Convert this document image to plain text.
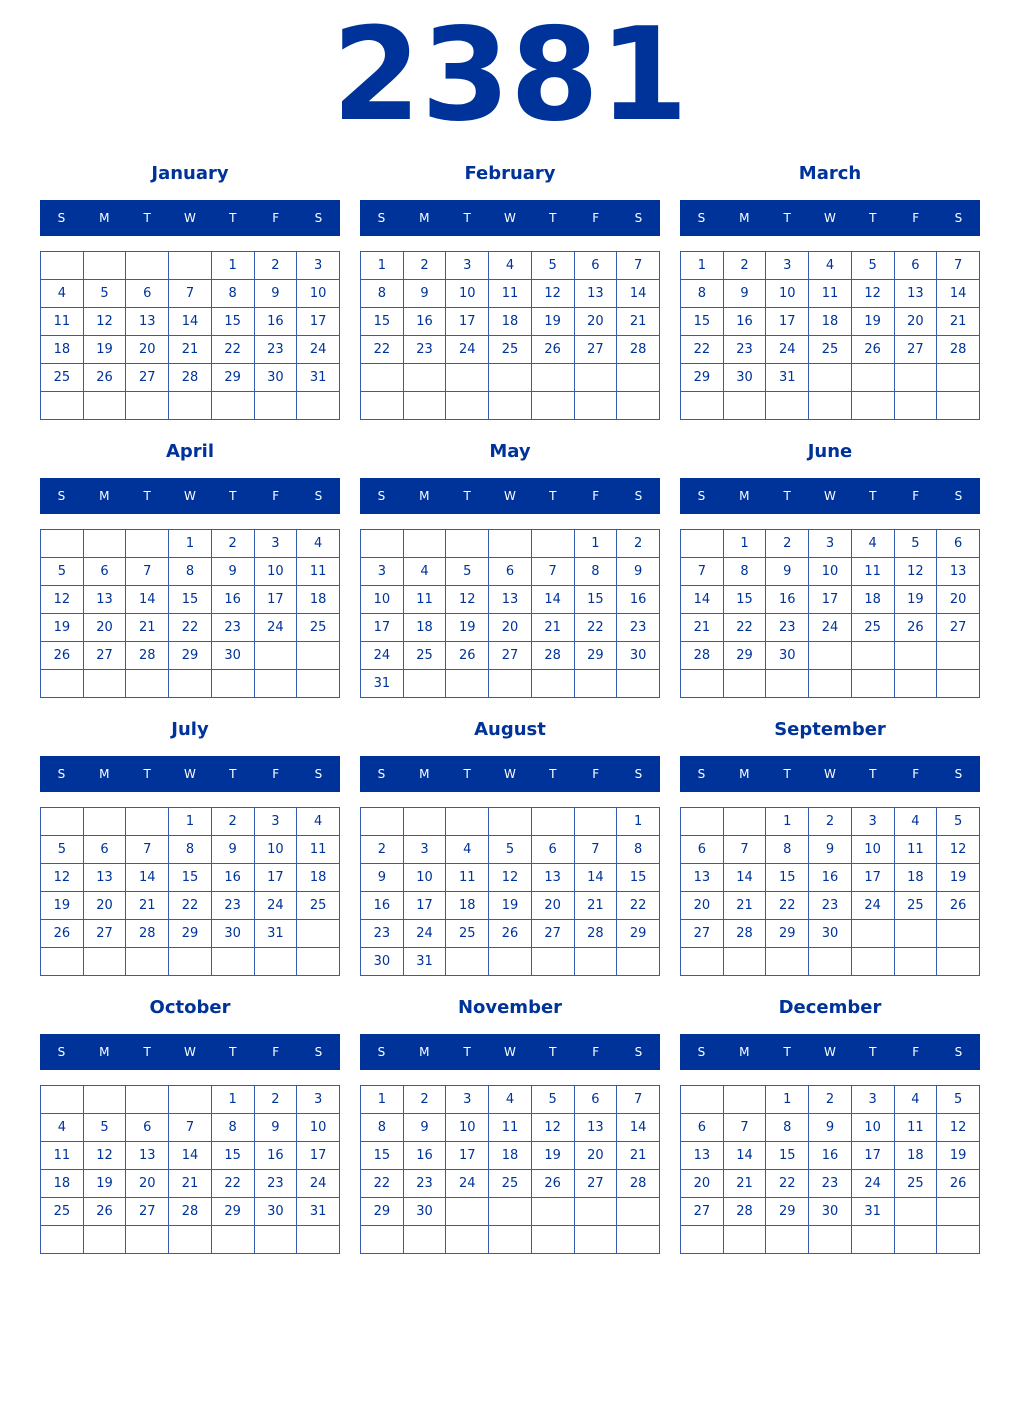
2381
January
S	M	T	W	T	F	S
				1	2	3
4	5	6	7	8	9	10
11	12	13	14	15	16	17
18	19	20	21	22	23	24
25	26	27	28	29	30	31

February
S	M	T	W	T	F	S
1	2	3	4	5	6	7
8	9	10	11	12	13	14
15	16	17	18	19	20	21
22	23	24	25	26	27	28

March
S	M	T	W	T	F	S
1	2	3	4	5	6	7
8	9	10	11	12	13	14
15	16	17	18	19	20	21
22	23	24	25	26	27	28
29	30	31				

April
S	M	T	W	T	F	S
			1	2	3	4
5	6	7	8	9	10	11
12	13	14	15	16	17	18
19	20	21	22	23	24	25
26	27	28	29	30		

May
S	M	T	W	T	F	S
					1	2
3	4	5	6	7	8	9
10	11	12	13	14	15	16
17	18	19	20	21	22	23
24	25	26	27	28	29	30
31						
June
S	M	T	W	T	F	S
	1	2	3	4	5	6
7	8	9	10	11	12	13
14	15	16	17	18	19	20
21	22	23	24	25	26	27
28	29	30				

July
S	M	T	W	T	F	S
			1	2	3	4
5	6	7	8	9	10	11
12	13	14	15	16	17	18
19	20	21	22	23	24	25
26	27	28	29	30	31	

August
S	M	T	W	T	F	S
						1
2	3	4	5	6	7	8
9	10	11	12	13	14	15
16	17	18	19	20	21	22
23	24	25	26	27	28	29
30	31					
September
S	M	T	W	T	F	S
		1	2	3	4	5
6	7	8	9	10	11	12
13	14	15	16	17	18	19
20	21	22	23	24	25	26
27	28	29	30			

October
S	M	T	W	T	F	S
				1	2	3
4	5	6	7	8	9	10
11	12	13	14	15	16	17
18	19	20	21	22	23	24
25	26	27	28	29	30	31

November
S	M	T	W	T	F	S
1	2	3	4	5	6	7
8	9	10	11	12	13	14
15	16	17	18	19	20	21
22	23	24	25	26	27	28
29	30					

December
S	M	T	W	T	F	S
		1	2	3	4	5
6	7	8	9	10	11	12
13	14	15	16	17	18	19
20	21	22	23	24	25	26
27	28	29	30	31		
